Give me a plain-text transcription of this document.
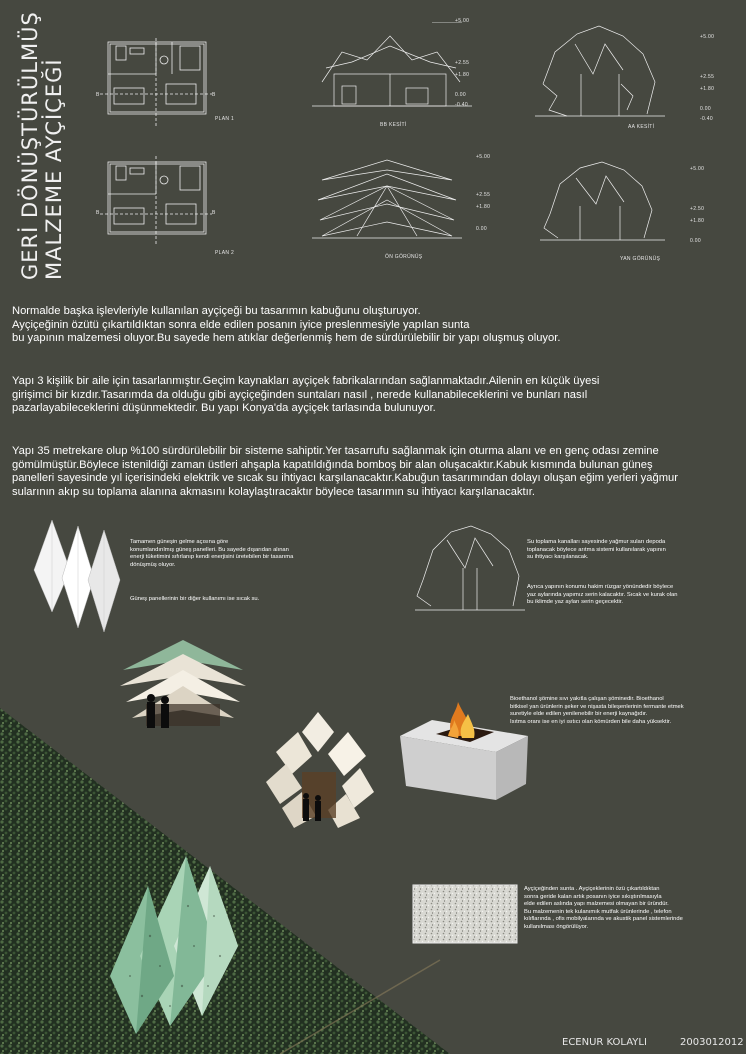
GERİ DÖNÜŞTÜRÜLMÜŞ MALZEME AYÇİÇEĞİ	B	B
PLAN 1
B	B
PLAN 2
+5.00
+2.55
+1.80
0.00
-0.40
BB KESİTİ
+5.00
+2.55
+1.80
0.00
-0.40
AA KESİTİ
+5.00
+2.55
+1.80
0.00
ÖN GÖRÜNÜŞ
+5.00
+2.50
+1.80
0.00
YAN GÖRÜNÜŞ

Normalde başka işlevleriyle kullanılan ayçiçeği bu tasarımın kabuğunu oluşturuyor.

Ayçiçeğinin özütü çıkartıldıktan sonra elde edilen posanın iyice preslenmesiyle yapılan sunta

bu yapının malzemesi oluyor.Bu sayede hem atıklar değerlenmiş hem de sürdürülebilir bir yapı oluşmuş oluyor.

Yapı 3 kişilik bir aile için tasarlanmıştır.Geçim kaynakları ayçiçek fabrikalarından sağlanmaktadır.Ailenin en küçük üyesi

girişimci bir kızdır.Tasarımda da olduğu gibi ayçiçeğinden suntaları nasıl , nerede kullanabileceklerini ve bunları nasıl

pazarlayabileceklerini düşünmektedir. Bu yapı Konya'da ayçiçek tarlasında bulunuyor.

Yapı 35 metrekare olup %100 sürdürülebilir bir sisteme sahiptir.Yer tasarrufu sağlanmak için oturma alanı ve en genç odası zemine

gömülmüştür.Böylece istenildiği zaman üstleri ahşapla kapatıldığında bomboş bir alan oluşacaktır.Kabuk kısmında bulunan güneş

panelleri sayesinde yıl içerisindeki elektrik ve sıcak su ihtiyacı karşılanacaktır.Kabuğun tasarımından dolayı oluşan eğim yerleri yağmur

sularının akıp su toplama alanına akmasını kolaylaştıracaktır böylece tasarımın su ihtiyacı karşılanacaktır.

Tamamen güneşin gelme açısına göre
konumlandırılmış güneş panelleri. Bu sayede dışarıdan alınan
enerji tüketimini sıfırlanıp kendi enerjisini üretebilen bir tasarıma
dönüşmüş oluyor.
Güneş panellerinin bir diğer kullanımı ise sıcak su.
Su toplama kanalları sayesinde yağmur suları depoda
toplanacak böylece arıtma sistemi kullanılarak yapının
su ihtiyacı karşılanacak.
Ayrıca yapının konumu hakim rüzgar yönündedir böylece
yaz aylarında yapımız serin kalacaktır. Sıcak ve kurak olan
bu iklimde yaz ayları serin geçecektir.
Bioethanol şömine sıvı yakıtla çalışan şöminedir. Bioethanol
bitkisel yan ürünlerin şeker ve nişasta bileşenlerinin fermante etmek
suretiyle elde edilen yenilenebilir bir enerji kaynağıdır.
Isıtma oranı ise en iyi ısıtıcı olan kömürden bile daha yüksektir.
Ayçiçeğinden sunta . Ayçiçeklerinin özü çıkartıldıktan
sonra geride kalan artık posanın iyice sıkıştırılmasıyla
elde edilen aslında yapı malzemesi olmayan bir üründür.
Bu malzemenin tek kulanımık mutfak ürünlerinde , telefon
kılıflarında , ofis mobilyalarında ve akustik panel sistemlerinde
kullanılması öngörülüyor.
ECENUR KOLAYLI	2003012012
